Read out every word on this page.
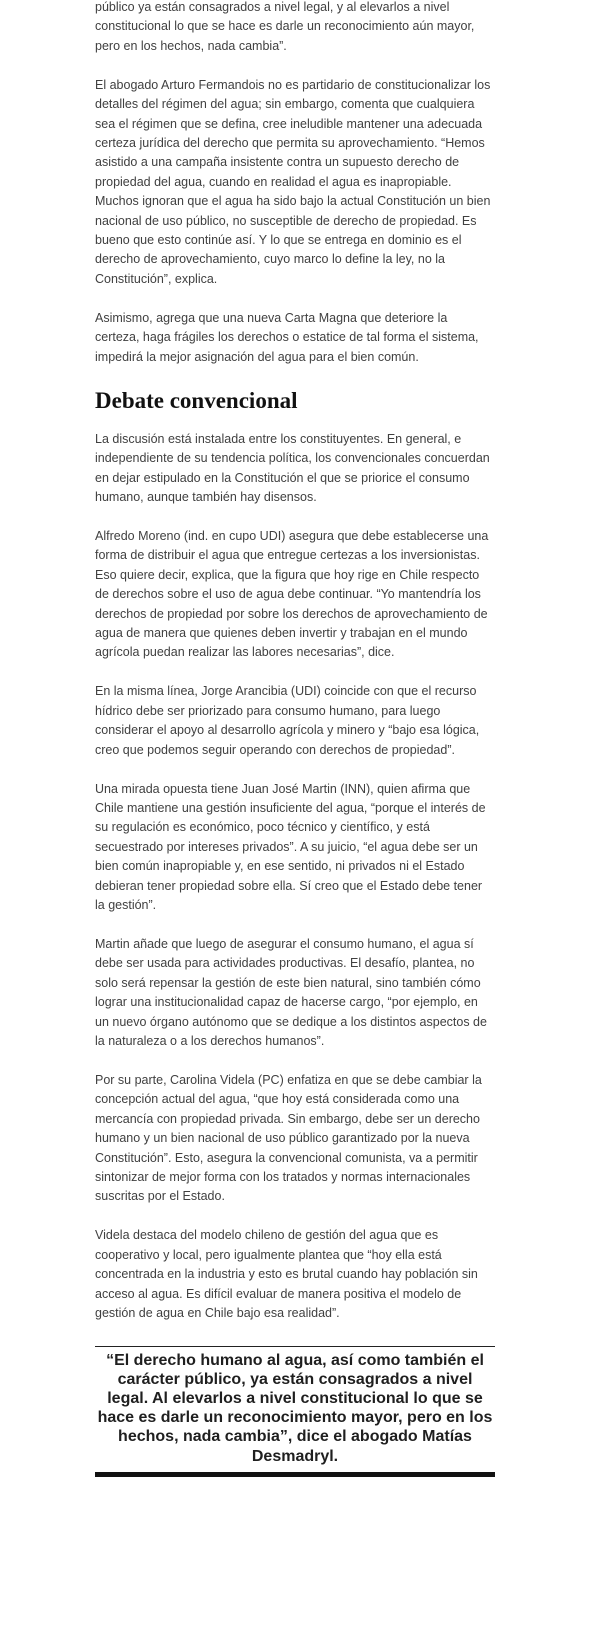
público ya están consagrados a nivel legal, y al elevarlos a nivel constitucional lo que se hace es darle un reconocimiento aún mayor, pero en los hechos, nada cambia”.

El abogado Arturo Fermandois no es partidario de constitucionalizar los detalles del régimen del agua; sin embargo, comenta que cualquiera sea el régimen que se defina, cree ineludible mantener una adecuada certeza jurídica del derecho que permita su aprovechamiento. “Hemos asistido a una campaña insistente contra un supuesto derecho de propiedad del agua, cuando en realidad el agua es inapropiable. Muchos ignoran que el agua ha sido bajo la actual Constitución un bien nacional de uso público, no susceptible de derecho de propiedad. Es bueno que esto continúe así. Y lo que se entrega en dominio es el derecho de aprovechamiento, cuyo marco lo define la ley, no la Constitución”, explica.

Asimismo, agrega que una nueva Carta Magna que deteriore la certeza, haga frágiles los derechos o estatice de tal forma el sistema, impedirá la mejor asignación del agua para el bien común.

Debate convencional

La discusión está instalada entre los constituyentes. En general, e independiente de su tendencia política, los convencionales concuerdan en dejar estipulado en la Constitución el que se priorice el consumo humano, aunque también hay disensos.

Alfredo Moreno (ind. en cupo UDI) asegura que debe establecerse una forma de distribuir el agua que entregue certezas a los inversionistas. Eso quiere decir, explica, que la figura que hoy rige en Chile respecto de derechos sobre el uso de agua debe continuar. “Yo mantendría los derechos de propiedad por sobre los derechos de aprovechamiento de agua de manera que quienes deben invertir y trabajan en el mundo agrícola puedan realizar las labores necesarias”, dice.

En la misma línea, Jorge Arancibia (UDI) coincide con que el recurso hídrico debe ser priorizado para consumo humano, para luego considerar el apoyo al desarrollo agrícola y minero y “bajo esa lógica, creo que podemos seguir operando con derechos de propiedad”.

Una mirada opuesta tiene Juan José Martin (INN), quien afirma que Chile mantiene una gestión insuficiente del agua, “porque el interés de su regulación es económico, poco técnico y científico, y está secuestrado por intereses privados”. A su juicio, “el agua debe ser un bien común inapropiable y, en ese sentido, ni privados ni el Estado debieran tener propiedad sobre ella. Sí creo que el Estado debe tener la gestión”.

Martin añade que luego de asegurar el consumo humano, el agua sí debe ser usada para actividades productivas. El desafío, plantea, no solo será repensar la gestión de este bien natural, sino también cómo lograr una institucionalidad capaz de hacerse cargo, “por ejemplo, en un nuevo órgano autónomo que se dedique a los distintos aspectos de la naturaleza o a los derechos humanos”.

Por su parte, Carolina Videla (PC) enfatiza en que se debe cambiar la concepción actual del agua, “que hoy está considerada como una mercancía con propiedad privada. Sin embargo, debe ser un derecho humano y un bien nacional de uso público garantizado por la nueva Constitución”. Esto, asegura la convencional comunista, va a permitir sintonizar de mejor forma con los tratados y normas internacionales suscritas por el Estado.

Videla destaca del modelo chileno de gestión del agua que es cooperativo y local, pero igualmente plantea que “hoy ella está concentrada en la industria y esto es brutal cuando hay población sin acceso al agua. Es difícil evaluar de manera positiva el modelo de gestión de agua en Chile bajo esa realidad”.

“El derecho humano al agua, así como también el carácter público, ya están consagrados a nivel legal. Al elevarlos a nivel constitucional lo que se hace es darle un reconocimiento mayor, pero en los hechos, nada cambia”, dice el abogado Matías Desmadryl.
